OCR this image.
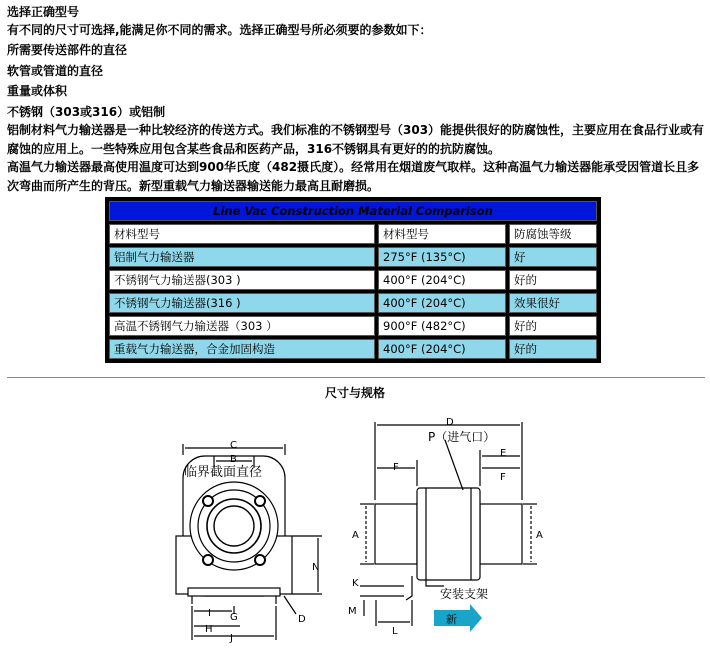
选择正确型号
有不同的尺寸可选择,能满足你不同的需求。选择正确型号所必须要的参数如下：
所需要传送部件的直径
软管或管道的直径
重量或体积
不锈钢（303或316）或铝制
铝制材料气力输送器是一种比较经济的传送方式。我们标准的不锈钢型号（303）能提供很好的防腐蚀性，主要应用在食品行业或有腐蚀的应用上。一些特殊应用包含某些食品和医药产品，316不锈钢具有更好的的抗防腐蚀。
高温气力输送器最高使用温度可达到900华氏度（482摄氏度）。经常用在烟道废气取样。这种高温气力输送器能承受因管道长且多次弯曲而所产生的背压。新型重载气力输送器输送能力最高且耐磨损。
Line Vac Construction Material Comparison		
材料型号	材料型号	防腐蚀等级
铝制气力输送器	275°F (135°C)	好
不锈钢气力输送器(303 )	400°F (204°C)	好的
不锈钢气力输送器(316 )	400°F (204°C)	效果很好
高温不锈钢气力输送器（303 ）	900°F (482°C)	好的
重载气力输送器，合金加固构造	400°F (204°C)	好的
尺寸与规格
C
B
临界截面直径
N
I
H
G
J
D
D
P（进气口）
F
E
F
A	A
K
M
L
安装支架
新
